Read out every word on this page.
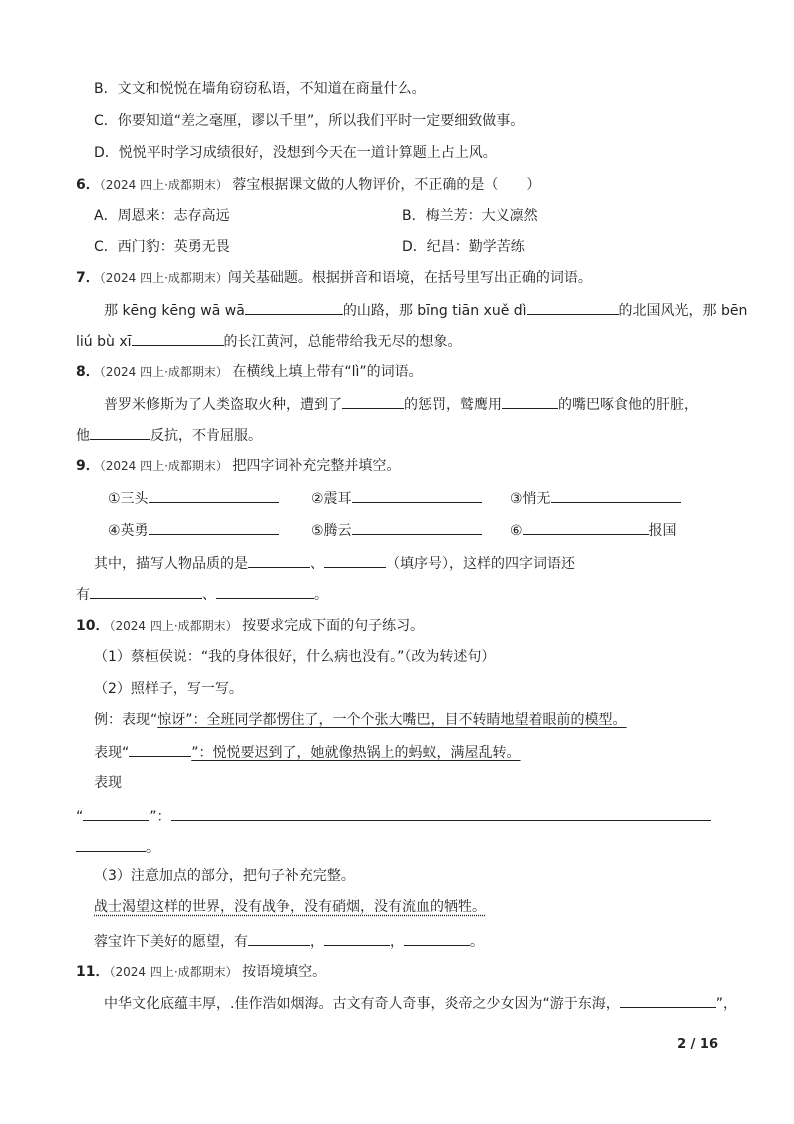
B．文文和悦悦在墙角窃窃私语，不知道在商量什么。
C．你要知道“差之毫厘，谬以千里”，所以我们平时一定要细致做事。
D．悦悦平时学习成绩很好，没想到今天在一道计算题上占上风。
6．（2024 四上·成都期末） 蓉宝根据课文做的人物评价，不正确的是（　　）
A．周恩来：志存高远	B．梅兰芳：大义凛然
C．西门豹：英勇无畏	D．纪昌：勤学苦练
7．（2024 四上·成都期末）闯关基础题。根据拼音和语境，在括号里写出正确的词语。
那 kēng kēng wā wā	的山路，那 bīng tiān xuě dì	的北国风光，那 bēn
liú bù xī	的长江黄河，总能带给我无尽的想象。
8．（2024 四上·成都期末） 在横线上填上带有“lì”的词语。
普罗米修斯为了人类盗取火种，遭到了	的惩罚，鹫鹰用	的嘴巴啄食他的肝脏，
他	反抗，不肯屈服。
9．（2024 四上·成都期末） 把四字词补充完整并填空。
①三头	②震耳	③悄无
④英勇	⑤腾云	⑥	报国
其中，描写人物品质的是	、	（填序号），这样的四字词语还
有	、	。
10．（2024 四上·成都期末） 按要求完成下面的句子练习。
（1）蔡桓侯说：“我的身体很好，什么病也没有。”（改为转述句）
（2）照样子，写一写。
例：表现“惊讶”：全班同学都愣住了，一个个张大嘴巴，目不转睛地望着眼前的模型。
表现“	”：悦悦要迟到了，她就像热锅上的蚂蚁，满屋乱转。
表现
“	”：
。
（3）注意加点的部分，把句子补充完整。
战士渴望这样的世界，没有战争，没有硝烟，没有流血的牺牲。
蓉宝许下美好的愿望，有	，	，	。
11．（2024 四上·成都期末） 按语境填空。
中华文化底蕴丰厚，.佳作浩如烟海。古文有奇人奇事，炎帝之少女因为“游于东海，	”，
2 / 16
